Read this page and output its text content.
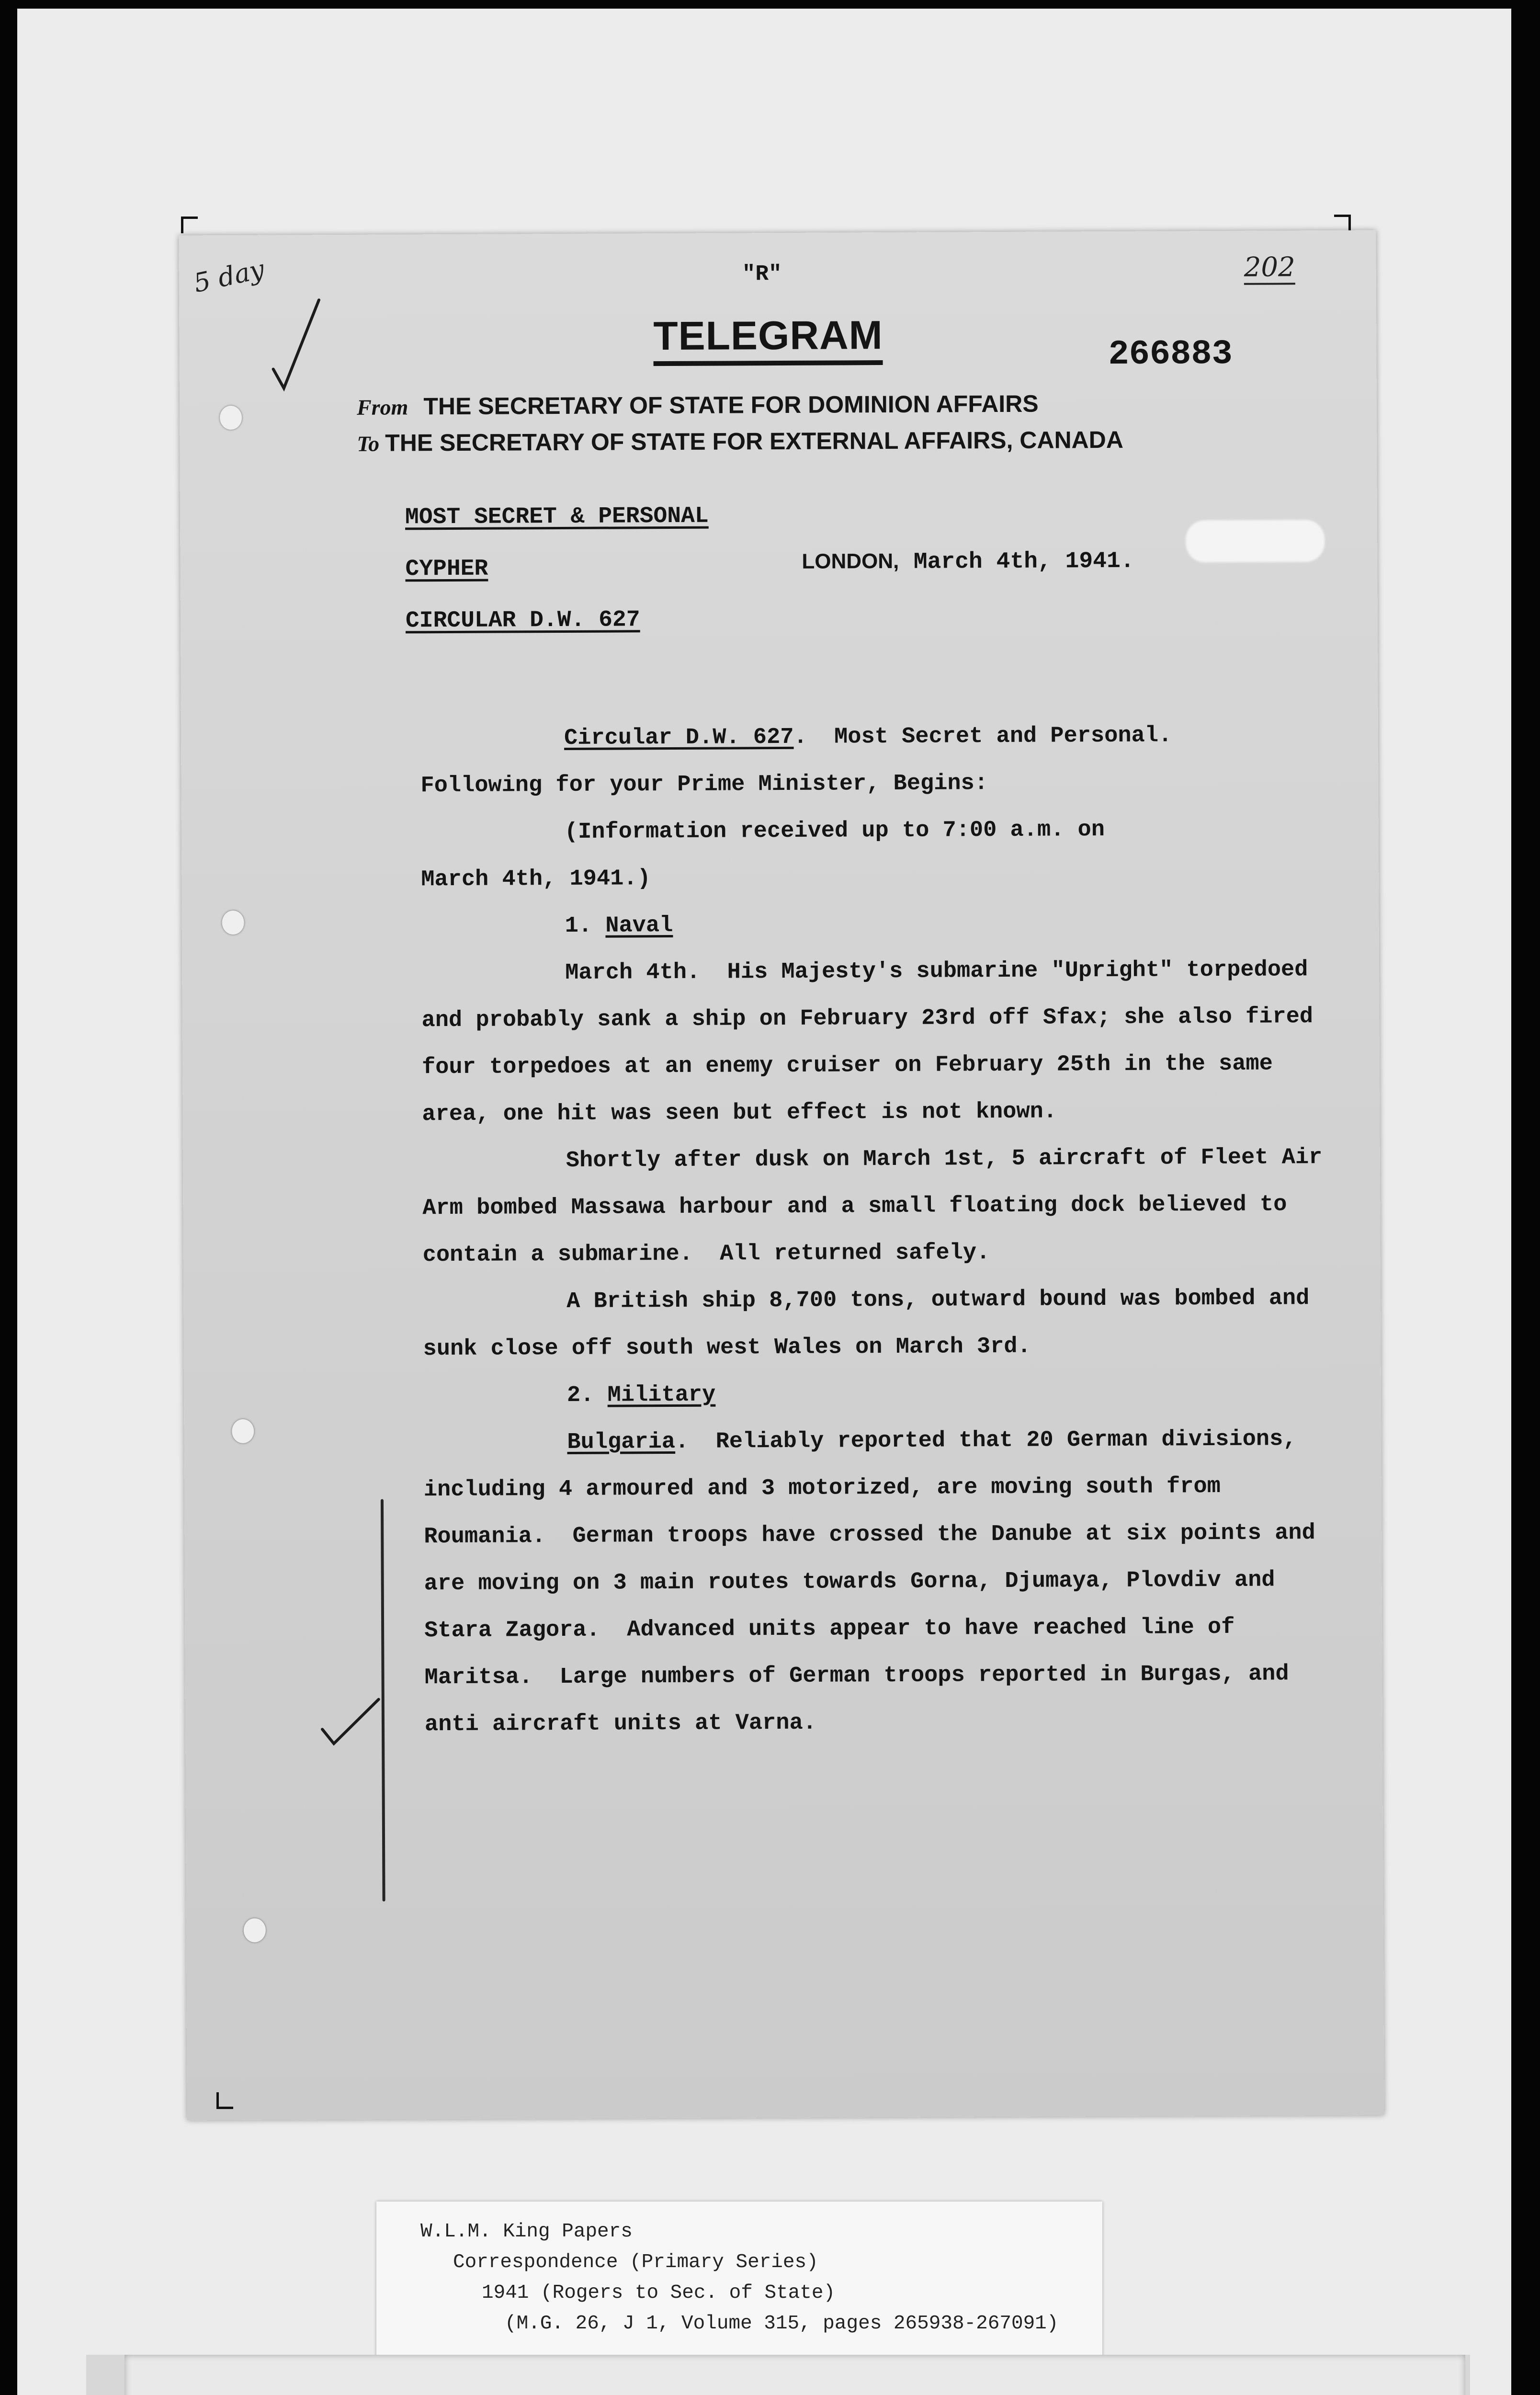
5 day	"R"	202
TELEGRAM	266883
From THE SECRETARY OF STATE FOR DOMINION AFFAIRS
To THE SECRETARY OF STATE FOR EXTERNAL AFFAIRS, CANADA
MOST SECRET & PERSONAL
CYPHER
CIRCULAR D.W. 627
LONDON, March 4th, 1941.

Circular D.W. 627.  Most Secret and Personal.

Following for your Prime Minister, Begins:

(Information received up to 7:00 a.m. on

March 4th, 1941.)

1. Naval

March 4th.  His Majesty's submarine "Upright" torpedoed and probably sank a ship on February 23rd off Sfax; she also fired four torpedoes at an enemy cruiser on February 25th in the same area, one hit was seen but effect is not known.

Shortly after dusk on March 1st, 5 aircraft of Fleet Air Arm bombed Massawa harbour and a small floating dock believed to contain a submarine.  All returned safely.

A British ship 8,700 tons, outward bound was bombed and sunk close off south west Wales on March 3rd.

2. Military

Bulgaria.  Reliably reported that 20 German divisions, including 4 armoured and 3 motorized, are moving south from Roumania.  German troops have crossed the Danube at six points and are moving on 3 main routes towards Gorna, Djumaya, Plovdiv and Stara Zagora.  Advanced units appear to have reached line of Maritsa.  Large numbers of German troops reported in Burgas, and anti aircraft units at Varna.

W.L.M. King Papers
Correspondence (Primary Series)
1941 (Rogers to Sec. of State)
(M.G. 26, J 1, Volume 315, pages 265938-267091)
